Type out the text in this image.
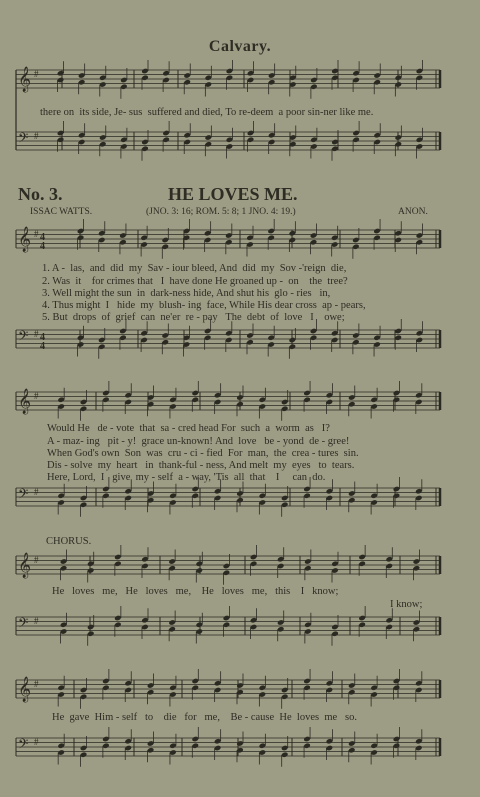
Calvary.
𝄞 #
𝄢 #
there on  its side, Je- sus  suffered and died, To re-deem  a poor sin-ner like me.
No. 3.	HE LOVES ME.
ISSAC WATTS.	(JNO. 3: 16; ROM. 5: 8; 1 JNO. 4: 19.)	ANON.
𝄞 # 4
4
1. A -  las,  and  did  my  Sav - iour bleed, And  did  my  Sov -'reign  die,
2. Was  it    for crimes that   I  have done He groaned up -  on    the  tree?
3. Well might the sun  in  dark-ness hide, And shut his  glo - ries   in,
4. Thus might  I   hide  my  blush- ing  face, While His dear cross  ap - pears,
5. But  drops  of  grief  can  ne'er  re - pay   The  debt  of  love   I    owe;
𝄢 # 4
4
𝄞 #
Would He   de - vote  that  sa - cred head For  such  a  worm  as   I?
A - maz- ing   pit - y!  grace un-known! And  love   be - yond  de - gree!
When God's own  Son  was  cru - ci - fied  For  man,  the  crea - tures  sin.
Dis - solve  my  heart   in  thank-ful - ness, And melt  my  eyes   to  tears.
Here, Lord,  I   give  my - self  a - way, 'Tis  all  that    I     can  do.
𝄢 #
CHORUS.
𝄞 #
He   loves   me,   He   loves   me,    He   loves   me,   this    I   know;
I know;
𝄢 #
𝄞 #
He  gave  Him - self   to    die   for   me,    Be - cause  He  loves  me   so.
𝄢 #
